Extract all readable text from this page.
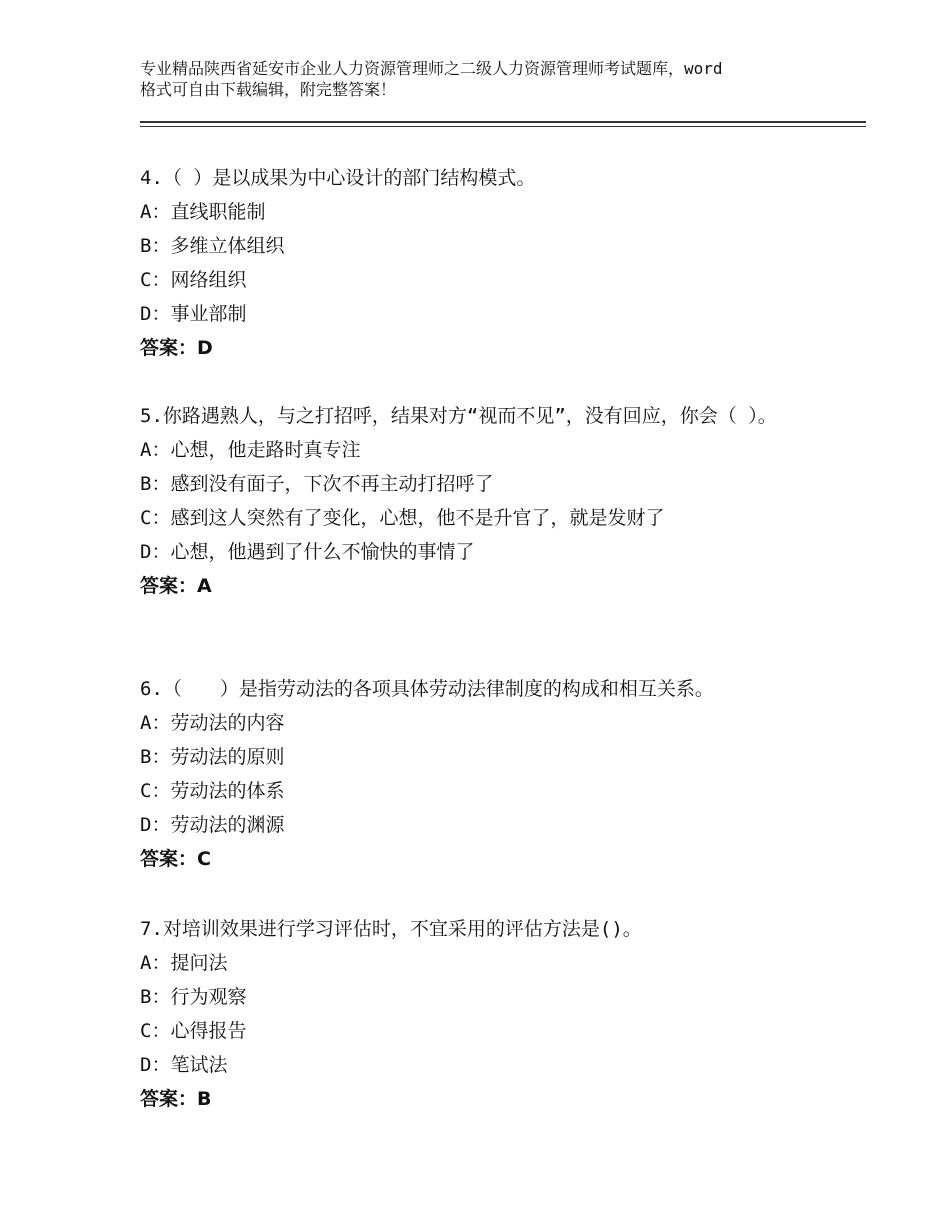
专业精品陕西省延安市企业人力资源管理师之二级人力资源管理师考试题库，word
格式可自由下载编辑，附完整答案！

4.（ ）是以成果为中心设计的部门结构模式。

A：直线职能制

B：多维立体组织

C：网络组织

D：事业部制

答案：D

5.你路遇熟人，与之打招呼，结果对方“视而不见”，没有回应，你会（ ）。

A：心想，他走路时真专注

B：感到没有面子，下次不再主动打招呼了

C：感到这人突然有了变化，心想，他不是升官了，就是发财了

D：心想，他遇到了什么不愉快的事情了

答案：A

6.（　　）是指劳动法的各项具体劳动法律制度的构成和相互关系。

A：劳动法的内容

B：劳动法的原则

C：劳动法的体系

D：劳动法的渊源

答案：C

7.对培训效果进行学习评估时，不宜采用的评估方法是()。

A：提问法

B：行为观察

C：心得报告

D：笔试法

答案：B
